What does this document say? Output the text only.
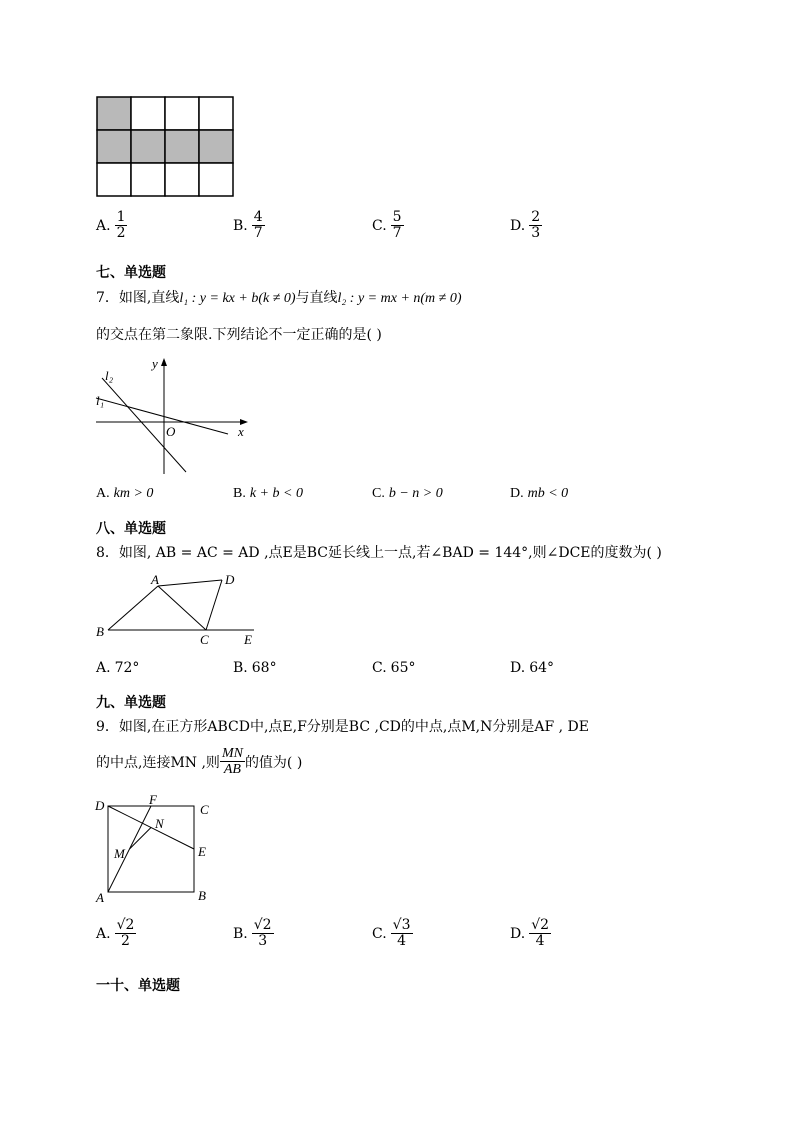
A. $\frac{1}{2}$	B. $\frac{4}{7}$	C. $\frac{5}{7}$	D. $\frac{2}{3}$
七、单选题
7．如图,直线l₁ : y = kx + b(k ≠ 0)与直线l₂ : y = mx + n(m ≠ 0)
的交点在第二象限.下列结论不一定正确的是( )
y
x
O
l₂
l₁
A. km > 0	B. k + b < 0	C. b − n > 0	D. mb < 0
八、单选题
8．如图, AB = AC = AD ,点E是BC延长线上一点,若∠BAD = 144°,则∠DCE的度数为( )
A	D
B
C	E
A. 72°	B. 68°	C. 65°	D. 64°
九、单选题
9．如图,在正方形ABCD中,点E,F分别是BC ,CD的中点,点M,N分别是AF , DE
的中点,连接MN ,则 $\frac{MN}{AB}$ 的值为( )
D	F
C
N
M	E
A	B
A. $\frac{√2}{2}$	B. $\frac{√2}{3}$	C. $\frac{√3}{4}$	D. $\frac{√2}{4}$
一十、单选题
